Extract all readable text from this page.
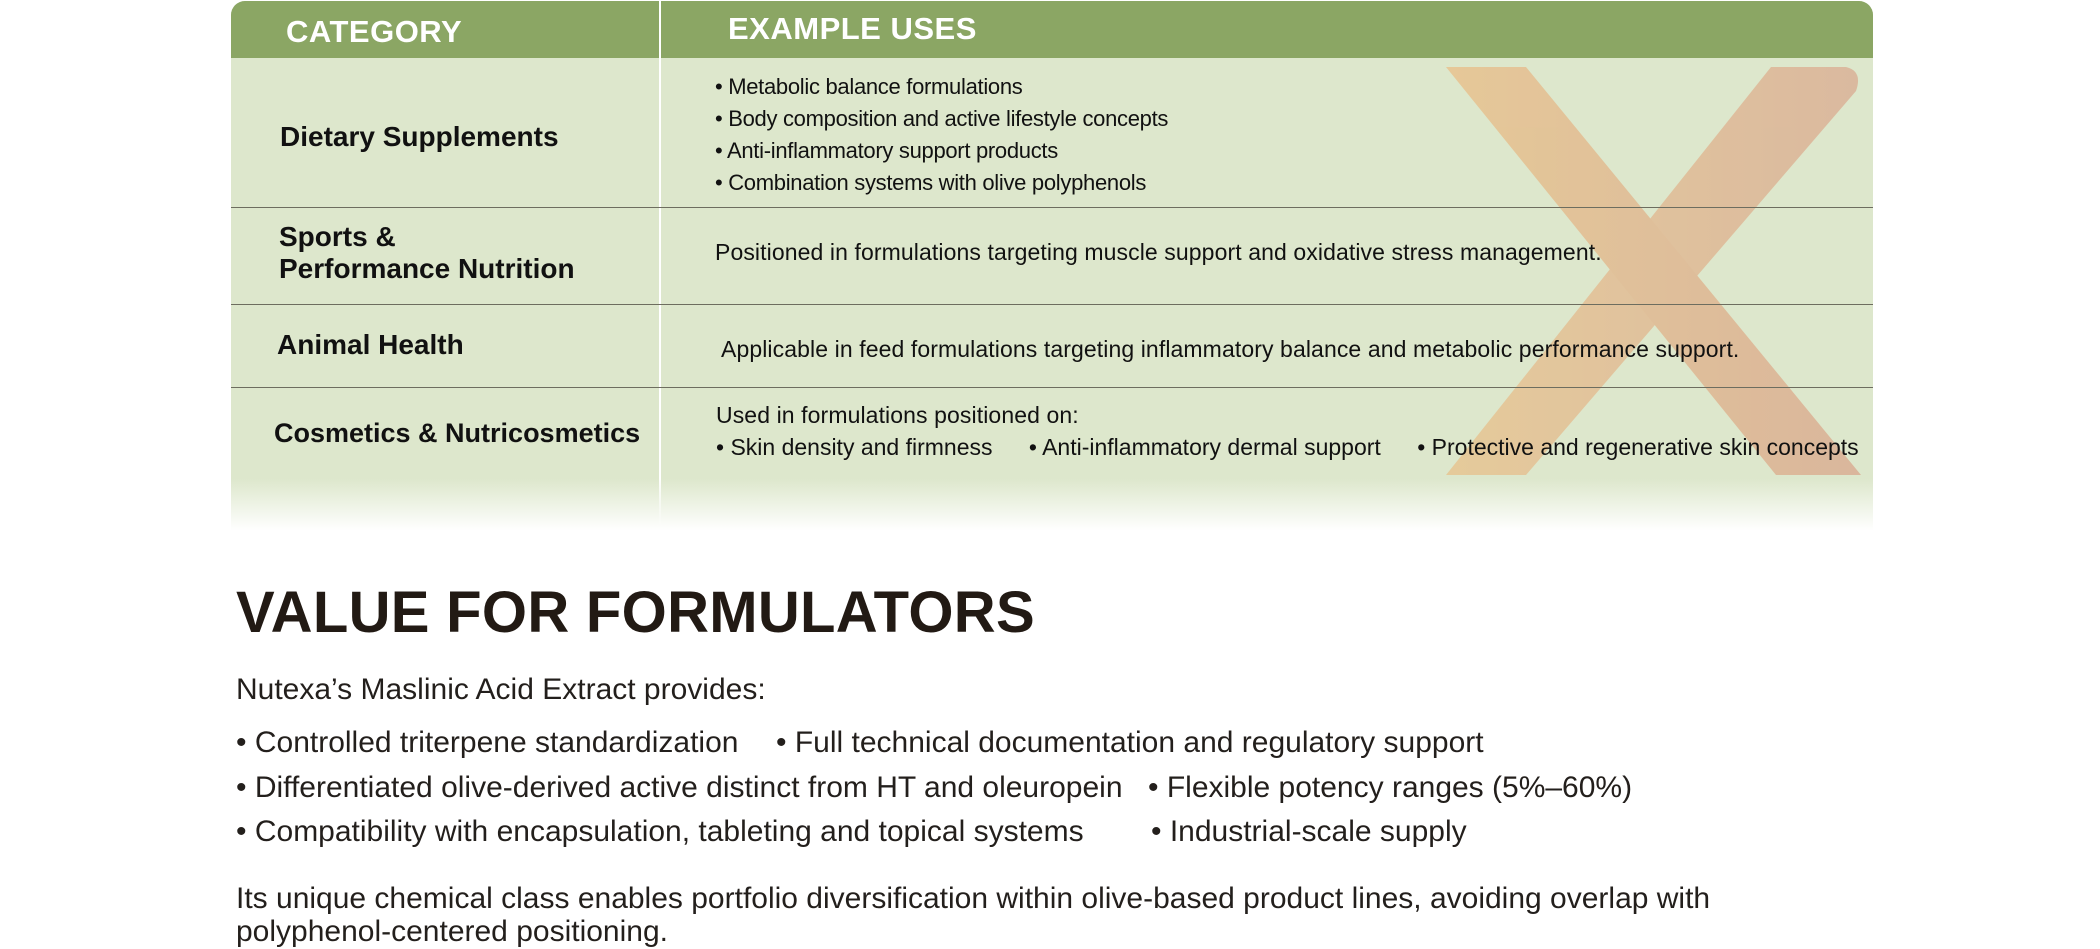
CATEGORY	EXAMPLE USES
Dietary Supplements
• Metabolic balance formulations
• Body composition and active lifestyle concepts
• Anti-inflammatory support products
• Combination systems with olive polyphenols
Sports &
Performance Nutrition
Positioned in formulations targeting muscle support and oxidative stress management.
Animal Health	Applicable in feed formulations targeting inflammatory balance and metabolic performance support.
Cosmetics & Nutricosmetics
Used in formulations positioned on:
• Skin density and firmness • Anti-inflammatory dermal support • Protective and regenerative skin concepts
VALUE FOR FORMULATORS
Nutexa’s Maslinic Acid Extract provides:
• Controlled triterpene standardization • Full technical documentation and regulatory support
• Differentiated olive-derived active distinct from HT and oleuropein • Flexible potency ranges (5%–60%)
• Compatibility with encapsulation, tableting and topical systems • Industrial-scale supply
Its unique chemical class enables portfolio diversification within olive-based product lines, avoiding overlap with polyphenol-centered positioning.
